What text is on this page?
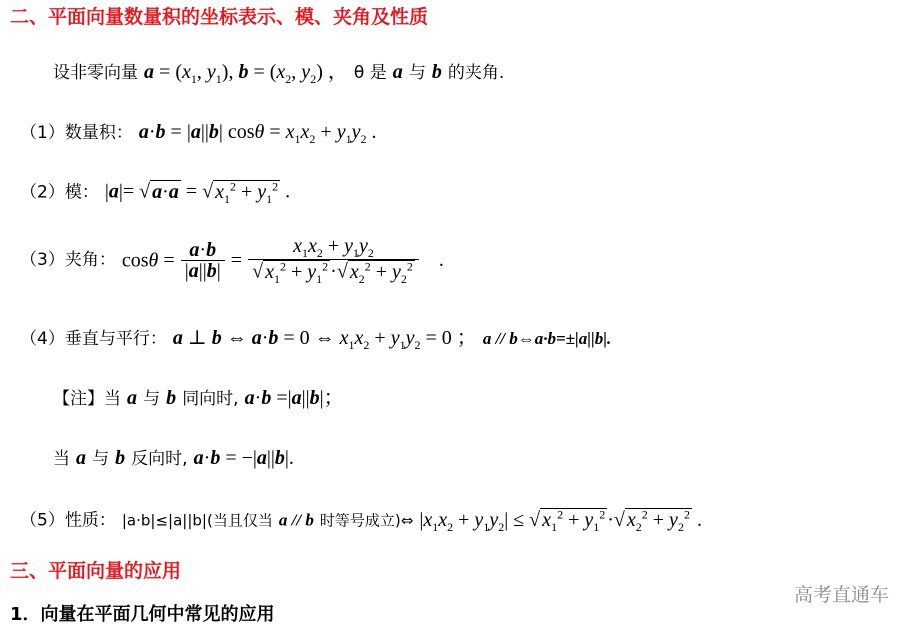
二、平面向量数量积的坐标表示、模、夹角及性质
设非零向量 $a = (x_1$, $y_1$), $b = (x_2$, $y_2$) ， θ 是 a 与 b 的夹角.
（1）数量积： a·b = |a||b| $\cos\theta = x_1x_2 + y_1y_2$ .
（2）模： |a|= √ a·a = √ $x_1^2 + y_1^2$ .
（3）夹角： $\cos\theta = \frac{a\cdot b}{|a||b|} = \frac{x_1x_2 + y_1y_2}{√ x_1^2 + y_1^2 \cdot√ x_2^2 + y_2^2}$ .
（4）垂直与平行： a ⊥ b ⇔ a·b = 0 ⇔ $x_1x_2 + y_1y_2 = 0$ ； a // b⇔a·b=±|a||b|.
【注】当 a 与 b 同向时, a·b =|a||b|；
当 a 与 b 反向时, a·b = −|a||b|.
（5）性质： |a·b|≤|a||b|(当且仅当 a // b 时等号成立)⇔ $|x_1x_2 + y_1y_2|$ ≤ √ $x_1^2 + y_1^2$ ·√ $x_2^2 + y_2^2$ .
三、平面向量的应用
1．向量在平面几何中常见的应用
高考直通车
